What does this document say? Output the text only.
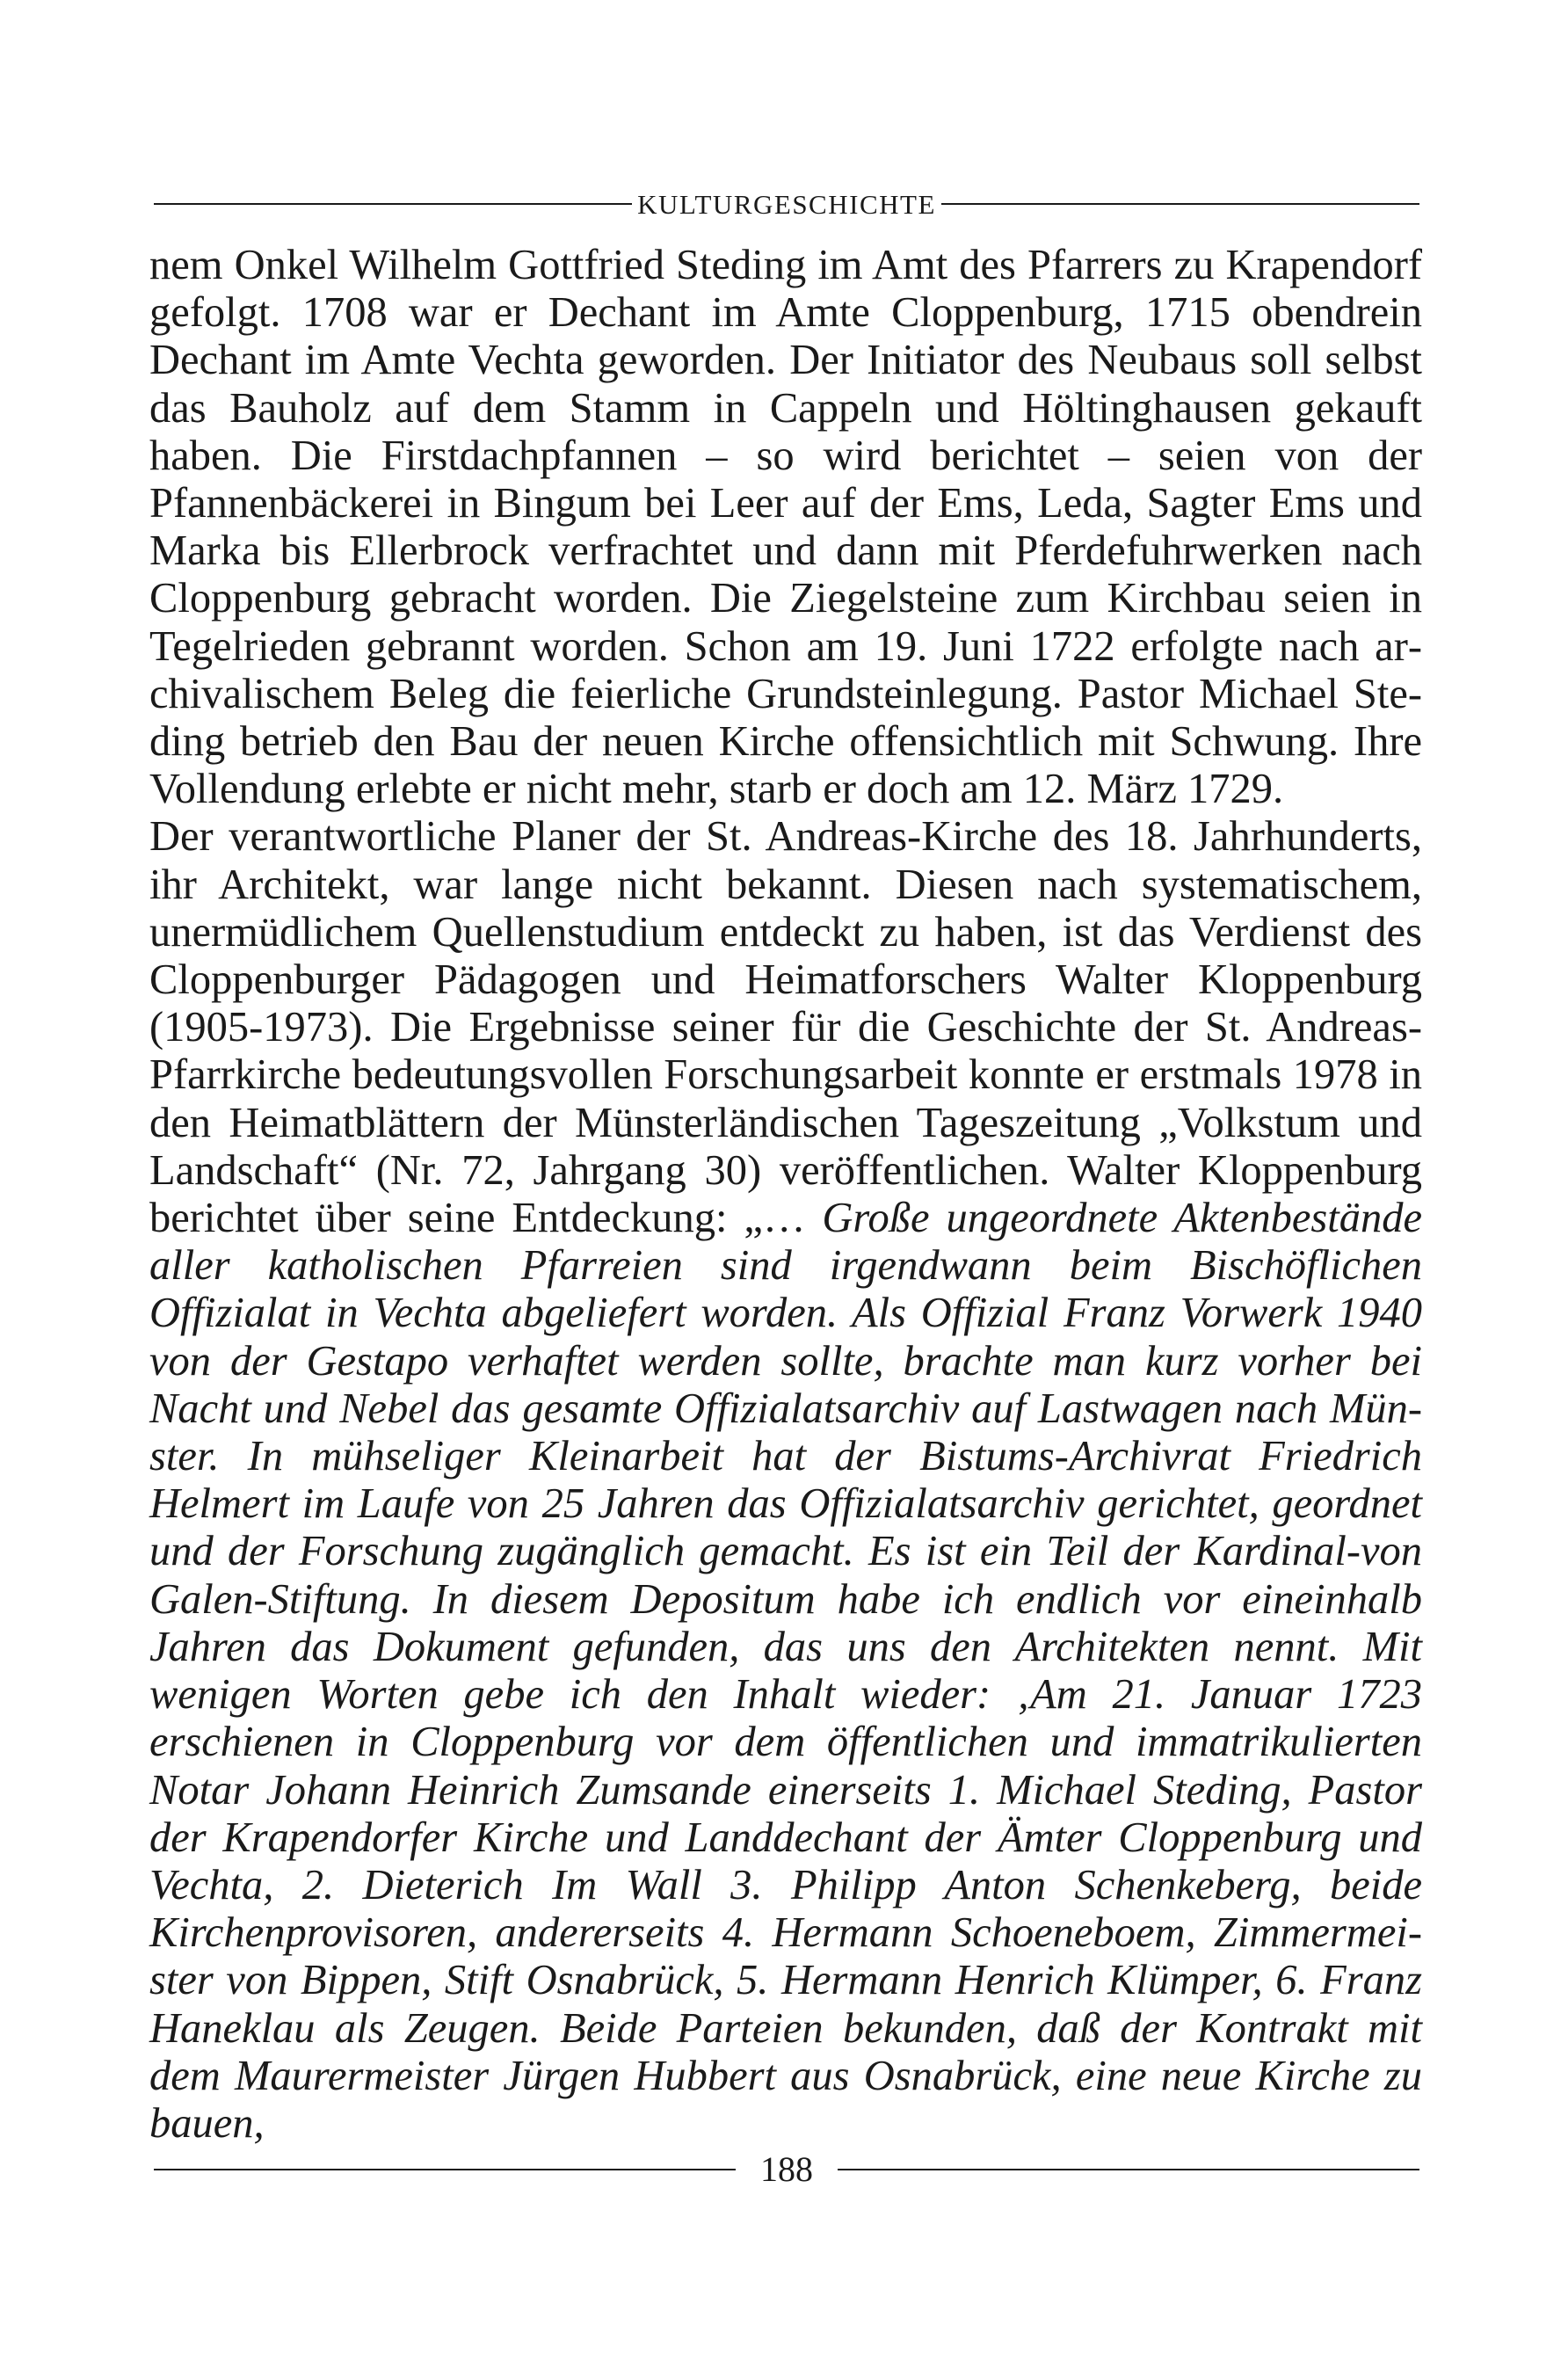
KULTURGESCHICHTE

nem Onkel Wilhelm Gottfried Steding im Amt des Pfarrers zu Krapendorf gefolgt. 1708 war er Dechant im Amte Cloppenburg, 1715 obendrein Dechant im Amte Vechta geworden. Der Initiator des Neubaus soll selbst das Bauholz auf dem Stamm in Cappeln und Höltinghausen gekauft haben. Die Firstdachpfannen – so wird berichtet – seien von der Pfannenbäckerei in Bingum bei Leer auf der Ems, Leda, Sagter Ems und Marka bis Ellerbrock verfrachtet und dann mit Pferdefuhrwerken nach Cloppenburg gebracht worden. Die Ziegelsteine zum Kirchbau seien in Tegelrieden gebrannt worden. Schon am 19. Juni 1722 erfolgte nach archivalischem Beleg die feierliche Grundsteinlegung. Pastor Michael Steding betrieb den Bau der neuen Kirche offensichtlich mit Schwung. Ihre Vollendung erlebte er nicht mehr, starb er doch am 12. März 1729.

Der verantwortliche Planer der St. Andreas-Kirche des 18. Jahrhunderts, ihr Architekt, war lange nicht bekannt. Diesen nach systematischem, unermüdlichem Quellenstudium entdeckt zu haben, ist das Verdienst des Cloppenburger Pädagogen und Heimatforschers Walter Kloppenburg (1905-1973). Die Ergebnisse seiner für die Geschichte der St. Andreas-Pfarrkirche bedeutungsvollen Forschungsarbeit konnte er erstmals 1978 in den Heimatblättern der Münsterländischen Tageszeitung „Volkstum und Landschaft“ (Nr. 72, Jahrgang 30) veröffentlichen. Walter Kloppenburg berichtet über seine Entdeckung: „… Große ungeordnete Aktenbestände aller katholischen Pfarreien sind irgendwann beim Bischöflichen Offizialat in Vechta abgeliefert worden. Als Offizial Franz Vorwerk 1940 von der Gestapo verhaftet werden sollte, brachte man kurz vorher bei Nacht und Nebel das gesamte Offizialatsarchiv auf Lastwagen nach Münster. In mühseliger Kleinarbeit hat der Bistums-Archivrat Friedrich Helmert im Laufe von 25 Jahren das Offizialatsarchiv gerichtet, geordnet und der Forschung zugänglich gemacht. Es ist ein Teil der Kardinal-von Galen-Stiftung. In diesem Depositum habe ich endlich vor eineinhalb Jahren das Dokument gefunden, das uns den Architekten nennt. Mit wenigen Worten gebe ich den Inhalt wieder: ‚Am 21. Januar 1723 erschienen in Cloppenburg vor dem öffentlichen und immatrikulierten Notar Johann Heinrich Zumsande einerseits 1. Michael Steding, Pastor der Krapendorfer Kirche und Landdechant der Ämter Cloppenburg und Vechta, 2. Dieterich Im Wall 3. Philipp Anton Schenkeberg, beide Kirchenprovisoren, andererseits 4. Hermann Schoeneboem, Zimmermeister von Bippen, Stift Osnabrück, 5. Hermann Henrich Klümper, 6. Franz Haneklau als Zeugen. Beide Parteien bekunden, daß der Kontrakt mit dem Maurermeister Jürgen Hubbert aus Osnabrück, eine neue Kirche zu bauen,

188
